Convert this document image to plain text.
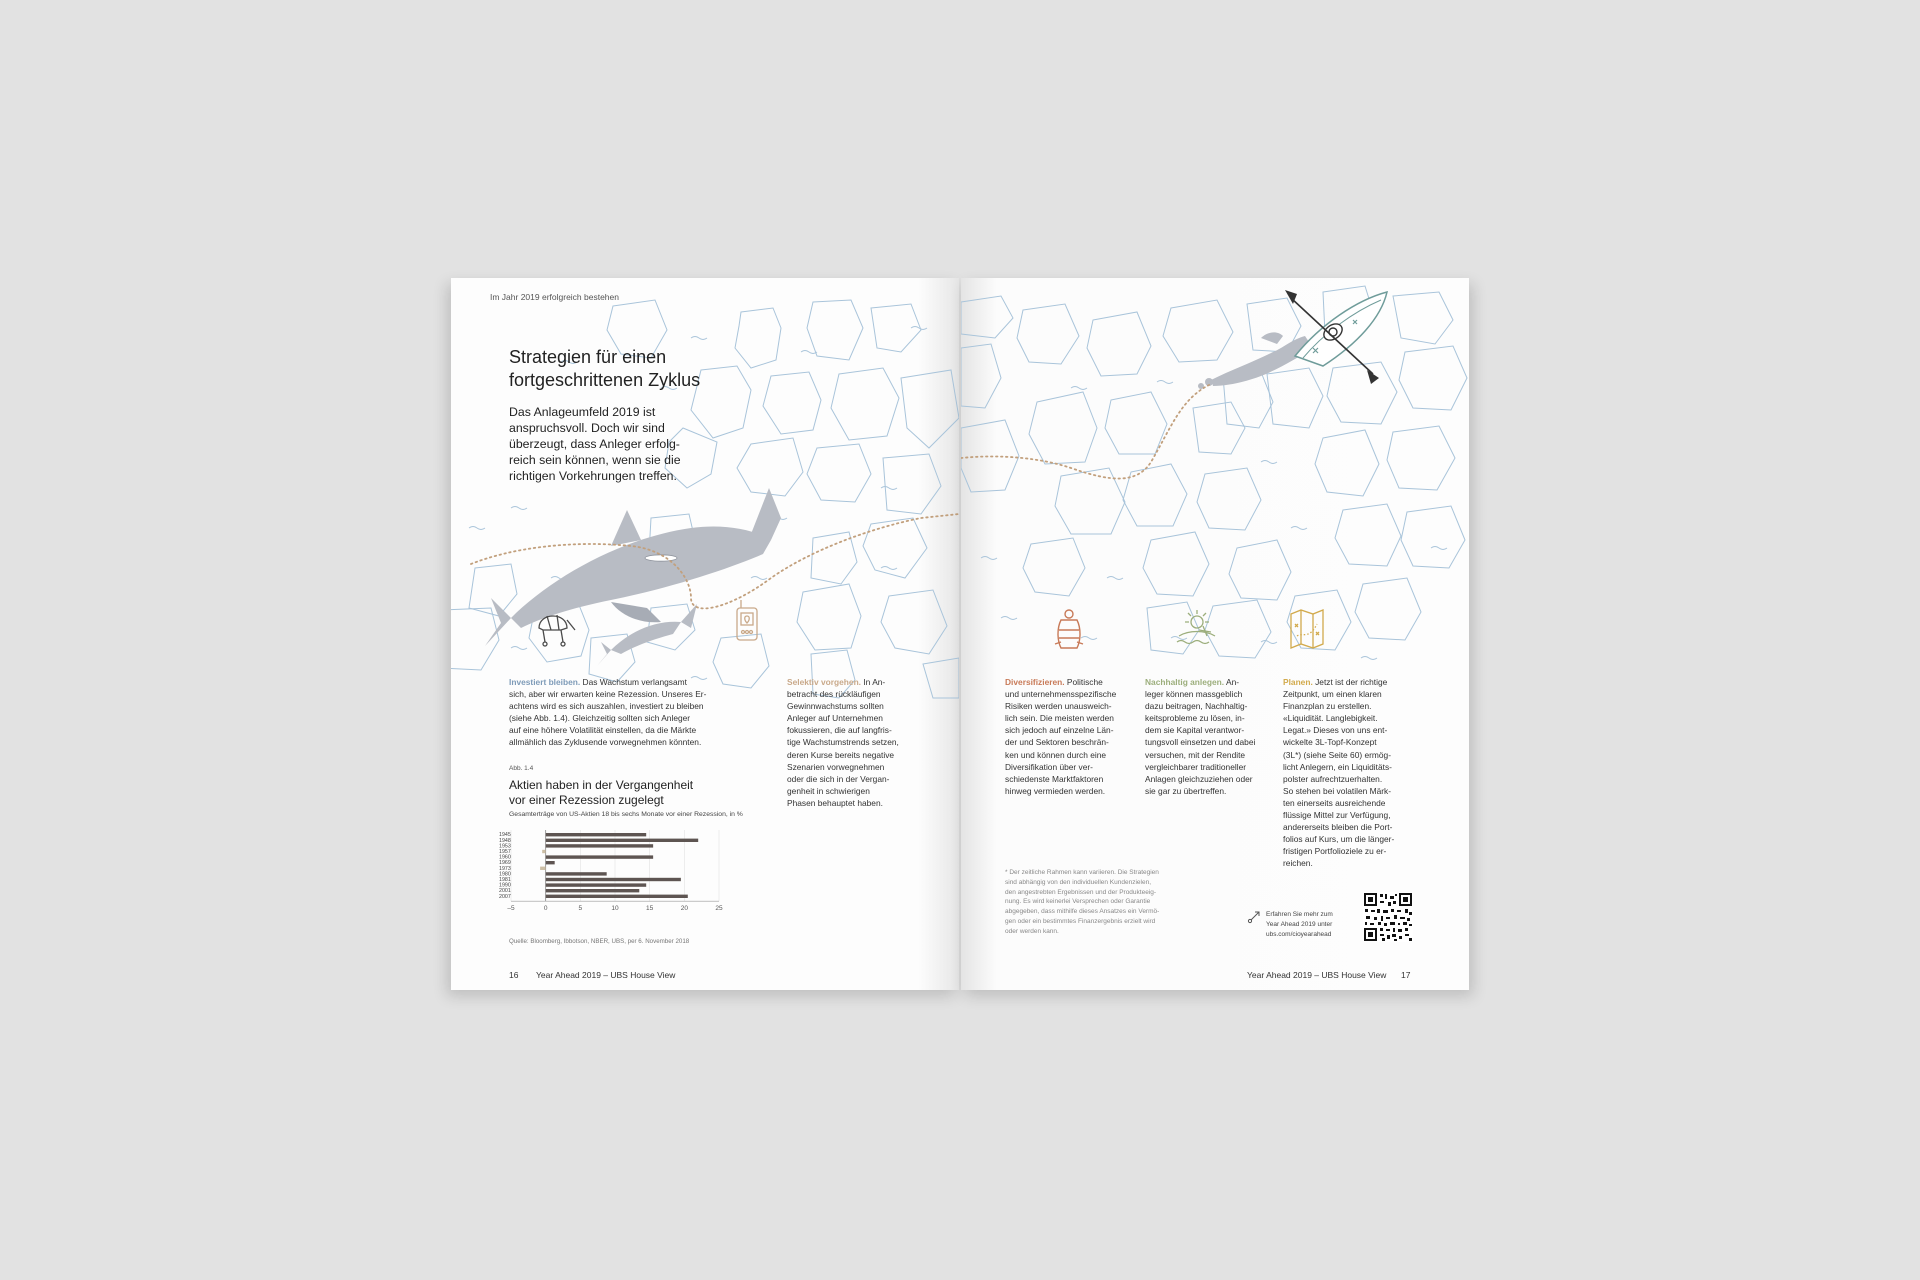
Im Jahr 2019 erfolgreich bestehen

Strategien für einen
fortgeschrittenen Zyklus
Das Anlageumfeld 2019 ist
anspruchsvoll. Doch wir sind
überzeugt, dass Anleger erfolg-
reich sein können, wenn sie die
richtigen Vorkehrungen treffen.
Investiert bleiben. Das Wachstum verlangsamt
sich, aber wir erwarten keine Rezession. Unseres Er-
achtens wird es sich auszahlen, investiert zu bleiben
(siehe Abb. 1.4). Gleichzeitig sollten sich Anleger
auf eine höhere Volatilität einstellen, da die Märkte
allmählich das Zyklusende vorwegnehmen könnten.
Selektiv vorgehen. In An-
betracht des rückläufigen
Gewinnwachstums sollten
Anleger auf Unternehmen
fokussieren, die auf langfris-
tige Wachstumstrends setzen,
deren Kurse bereits negative
Szenarien vorwegnehmen
oder die sich in der Vergan-
genheit in schwierigen
Phasen behauptet haben.

Abb. 1.4

Aktien haben in der Vergangenheit
vor einer Rezession zugelegt

Gesamterträge von US-Aktien 18 bis sechs Monate vor einer Rezession, in %

1945
1948
1953
1957
1960
1969
1973
1980
1981
1990
2001
2007
–5	0	5	10	15	20	25

Quelle: Bloomberg, Ibbotson, NBER, UBS, per 6. November 2018

16 Year Ahead 2019 – UBS House View

Diversifizieren. Politische
und unternehmensspezifische
Risiken werden unausweich-
lich sein. Die meisten werden
sich jedoch auf einzelne Län-
der und Sektoren beschrän-
ken und können durch eine
Diversifikation über ver-
schiedenste Marktfaktoren
hinweg vermieden werden.
Nachhaltig anlegen. An-
leger können massgeblich
dazu beitragen, Nachhaltig-
keitsprobleme zu lösen, in-
dem sie Kapital verantwor-
tungsvoll einsetzen und dabei
versuchen, mit der Rendite
vergleichbarer traditioneller
Anlagen gleichzuziehen oder
sie gar zu übertreffen.
Planen. Jetzt ist der richtige
Zeitpunkt, um einen klaren
Finanzplan zu erstellen.
«Liquidität. Langlebigkeit.
Legat.» Dieses von uns ent-
wickelte 3L-Topf-Konzept
(3L*) (siehe Seite 60) ermög-
licht Anlegern, ein Liquiditäts-
polster aufrechtzuerhalten.
So stehen bei volatilen Märk-
ten einerseits ausreichende
flüssige Mittel zur Verfügung,
andererseits bleiben die Port-
folios auf Kurs, um die länger-
fristigen Portfolioziele zu er-
reichen.
* Der zeitliche Rahmen kann variieren. Die Strategien
sind abhängig von den individuellen Kundenzielen,
den angestrebten Ergebnissen und der Produkteeig-
nung. Es wird keinerlei Versprechen oder Garantie
abgegeben, dass mithilfe dieses Ansatzes ein Vermö-
gen oder ein bestimmtes Finanzergebnis erzielt wird
oder werden kann.
Erfahren Sie mehr zum
Year Ahead 2019 unter
ubs.com/cioyearahead

Year Ahead 2019 – UBS House View 17
